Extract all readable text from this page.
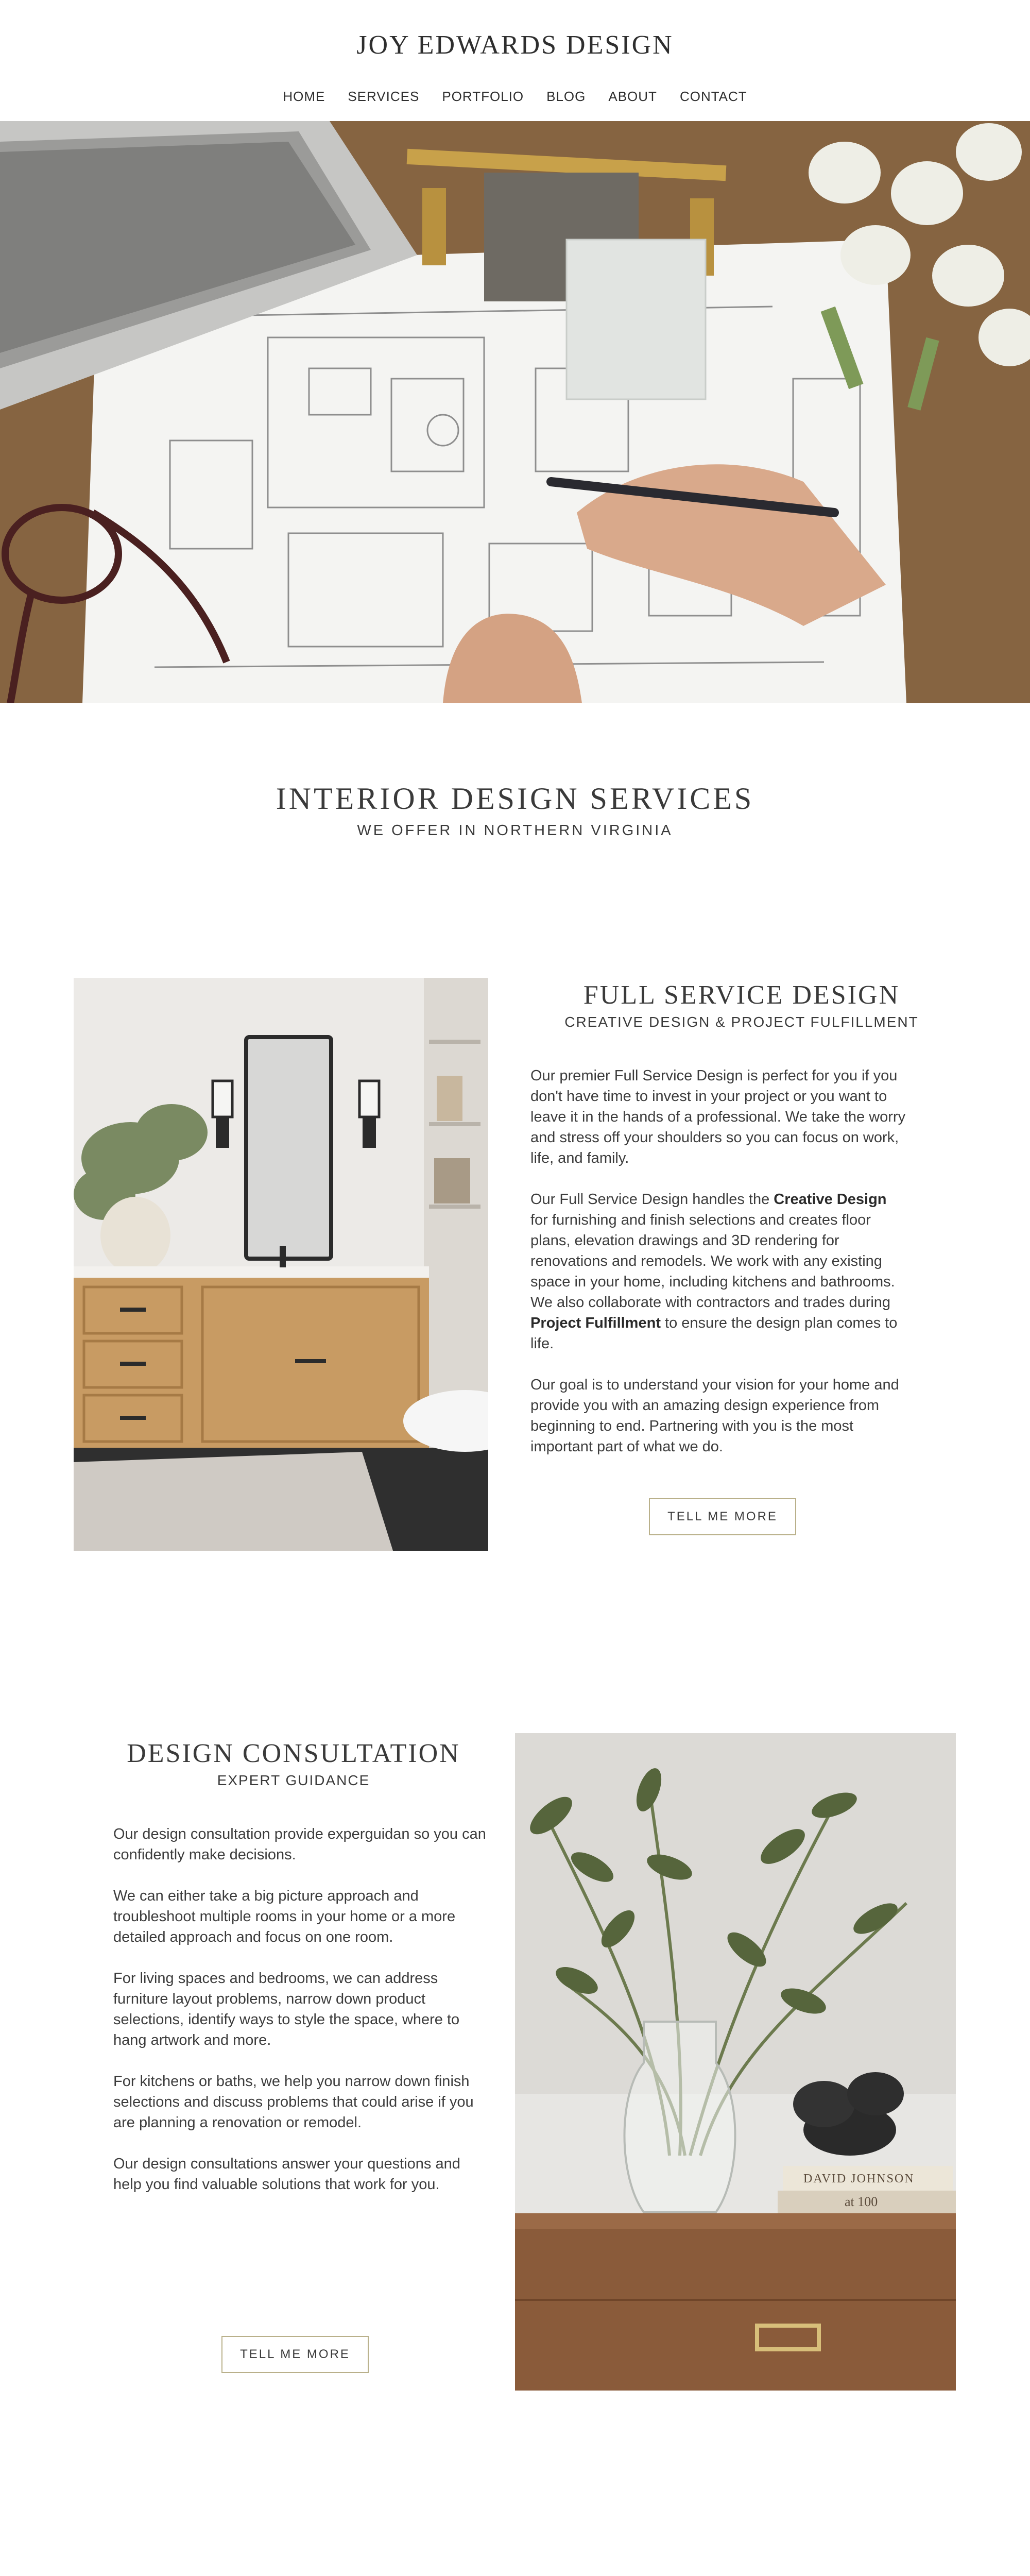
JOY EDWARDS DESIGN
HOME SERVICES PORTFOLIO BLOG ABOUT CONTACT
INTERIOR DESIGN SERVICES
WE OFFER IN NORTHERN VIRGINIA
FULL SERVICE DESIGN
CREATIVE DESIGN & PROJECT FULFILLMENT

Our premier Full Service Design is perfect for you if you don't have time to invest in your project or you want to leave it in the hands of a professional. We take the worry and stress off your shoulders so you can focus on work, life, and family.

Our Full Service Design handles the Creative Design for furnishing and finish selections and creates floor plans, elevation drawings and 3D rendering for renovations and remodels. We work with any existing space in your home, including kitchens and bathrooms. We also collaborate with contractors and trades during Project Fulfillment to ensure the design plan comes to life.

Our goal is to understand your vision for your home and provide you with an amazing design experience from beginning to end. Partnering with you is the most important part of what we do.

TELL ME MORE
DESIGN CONSULTATION
EXPERT GUIDANCE

Our design consultation provide experguidan so you can confidently make decisions.

We can either take a big picture approach and troubleshoot multiple rooms in your home or a more detailed approach and focus on one room.

For living spaces and bedrooms, we can address furniture layout problems, narrow down product selections, identify ways to style the space, where to hang artwork and more.

For kitchens or baths, we help you narrow down finish selections and discuss problems that could arise if you are planning a renovation or remodel.

Our design consultations answer your questions and help you find valuable solutions that work for you.

TELL ME MORE
DAVID JOHNSON
at 100
